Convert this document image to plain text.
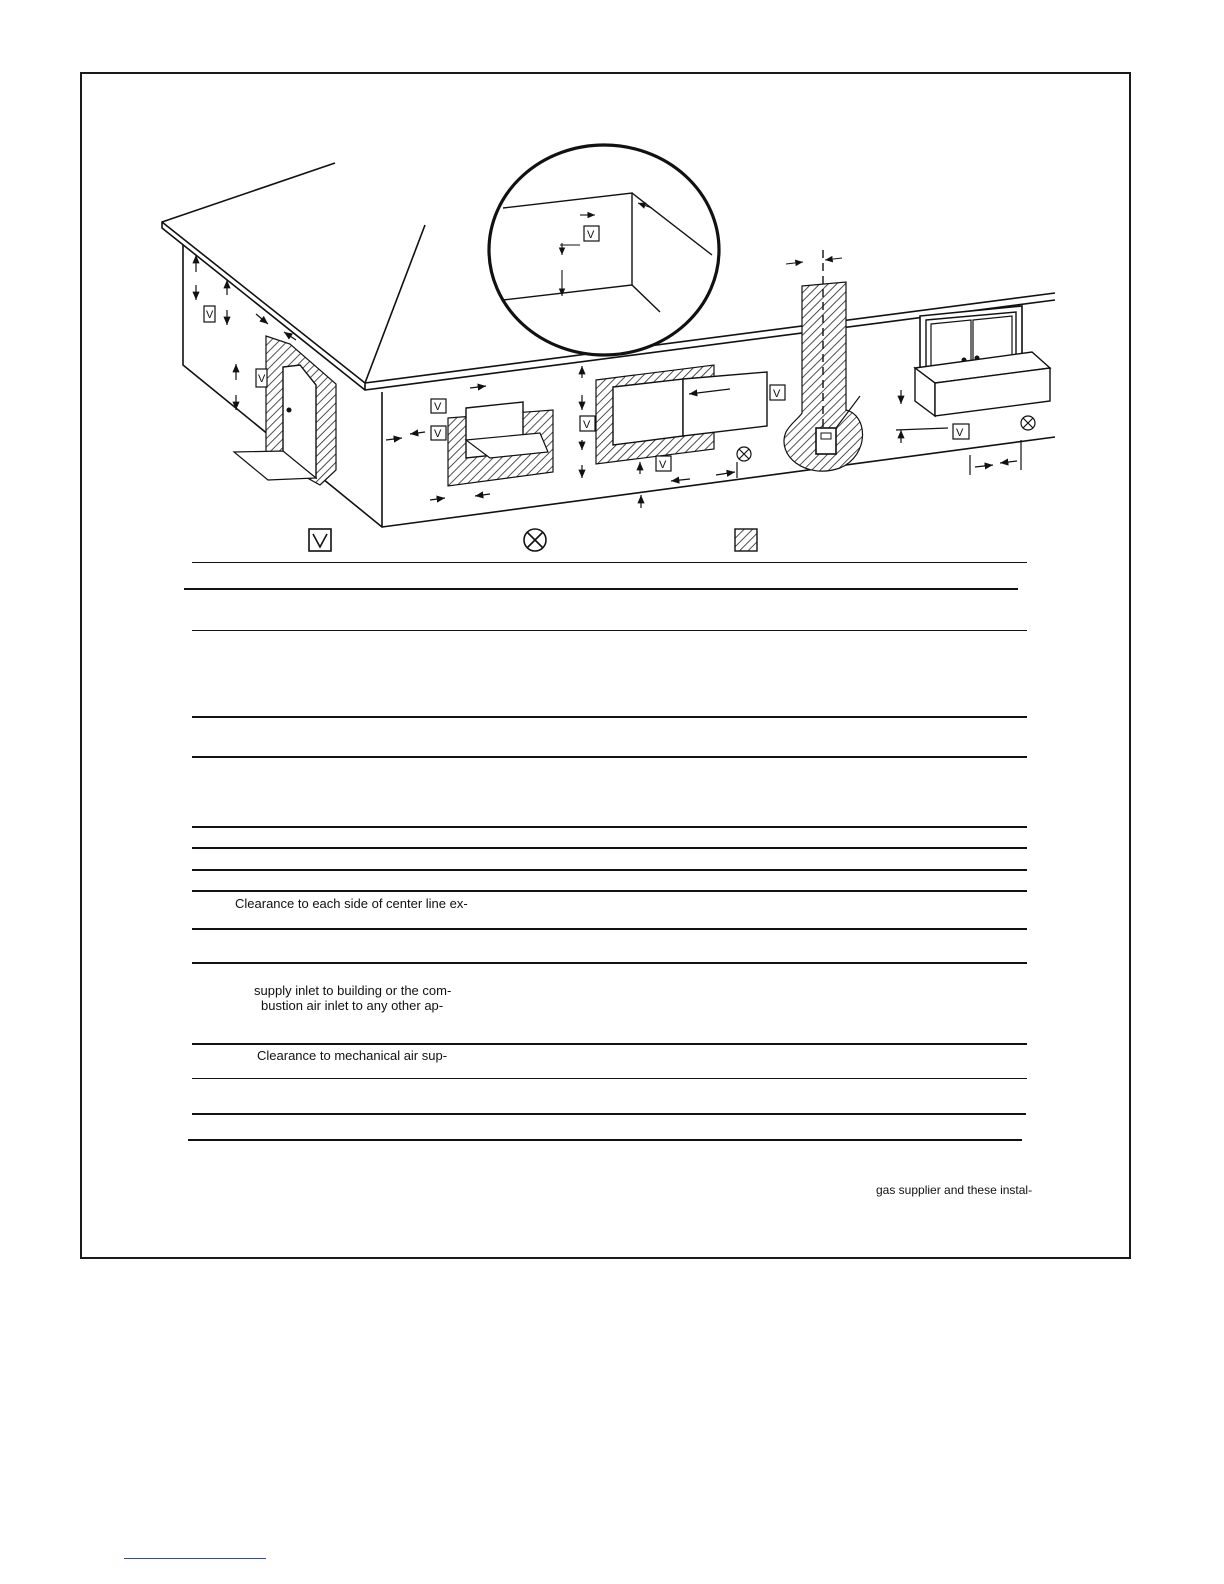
V
V
V
V
V
V
V
V
V
Clearance to each side of center line ex-
supply inlet to building or the com-
bustion air inlet to any other ap-
Clearance to mechanical air sup-
gas supplier and these instal-
